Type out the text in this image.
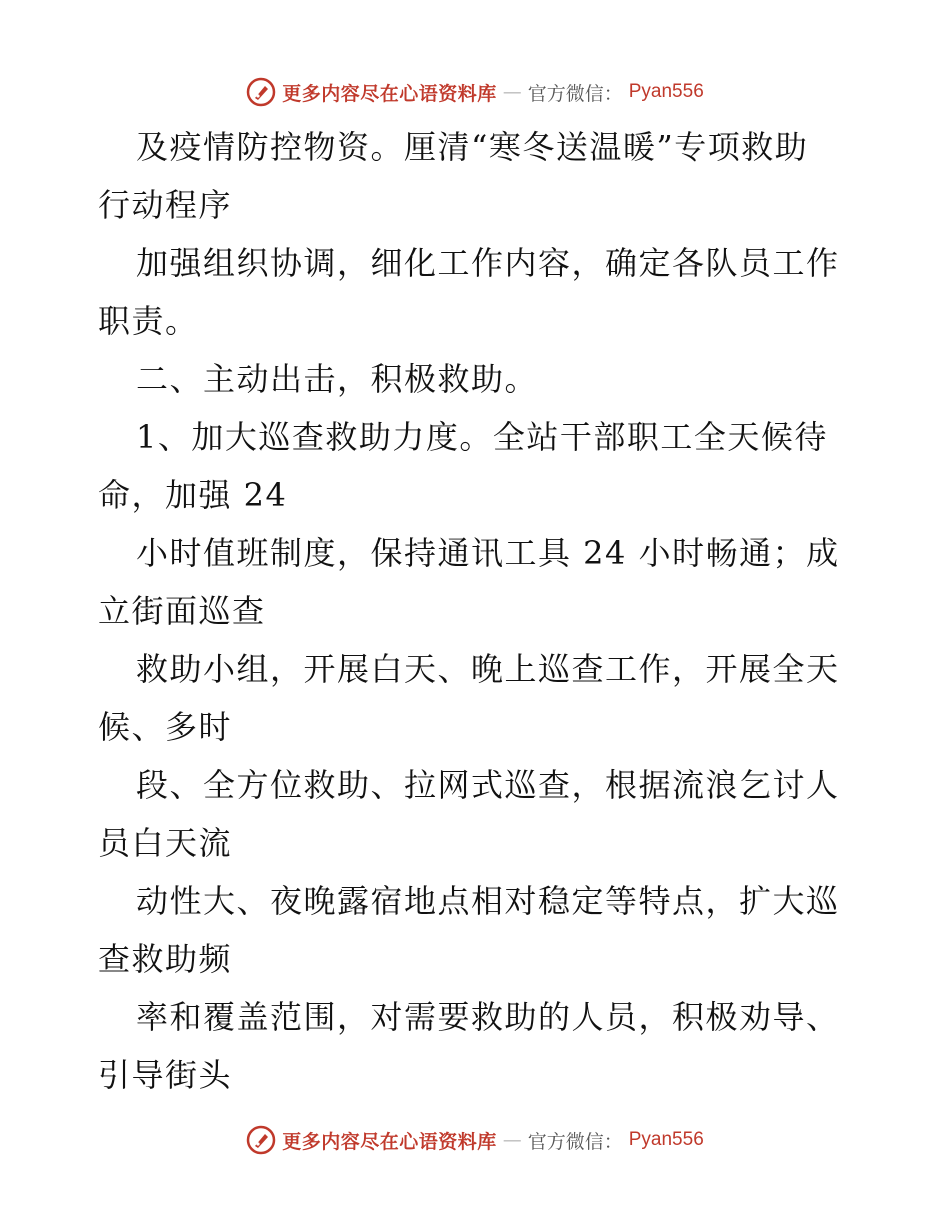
更多内容尽在心语资料库 — 官方微信： Pyan556
及疫情防控物资。厘清“寒冬送温暖”专项救助
行动程序
加强组织协调，细化工作内容，确定各队员工作
职责。
二、主动出击，积极救助。
1、加大巡查救助力度。全站干部职工全天候待
命，加强 24
小时值班制度，保持通讯工具 24 小时畅通；成
立街面巡查
救助小组，开展白天、晚上巡查工作，开展全天
候、多时
段、全方位救助、拉网式巡查，根据流浪乞讨人
员白天流
动性大、夜晚露宿地点相对稳定等特点，扩大巡
查救助频
率和覆盖范围，对需要救助的人员，积极劝导、
引导街头
更多内容尽在心语资料库 — 官方微信： Pyan556
